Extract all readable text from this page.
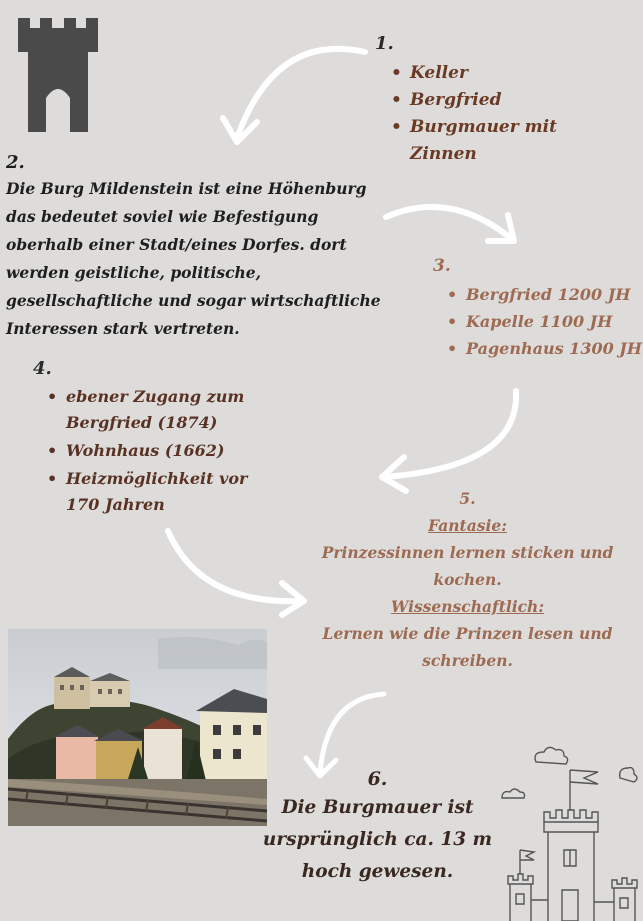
1.
• Keller
• Bergfried
• Burgmauer mit Zinnen
2.
Die Burg Mildenstein ist eine Höhenburg das bedeutet soviel wie Befestigung oberhalb einer Stadt/eines Dorfes. dort werden geistliche, politische, gesellschaftliche und sogar wirtschaftliche Interessen stark vertreten.
3.
• Bergfried 1200 JH
• Kapelle 1100 JH
• Pagenhaus 1300 JH
4.
• ebener Zugang zum Bergfried (1874)
• Wohnhaus (1662)
• Heizmöglichkeit vor 170 Jahren	5.
Fantasie:
Prinzessinnen lernen sticken und kochen.
Wissenschaftlich:
Lernen wie die Prinzen lesen und schreiben.
6.
Die Burgmauer ist ursprünglich ca. 13 m hoch gewesen.
